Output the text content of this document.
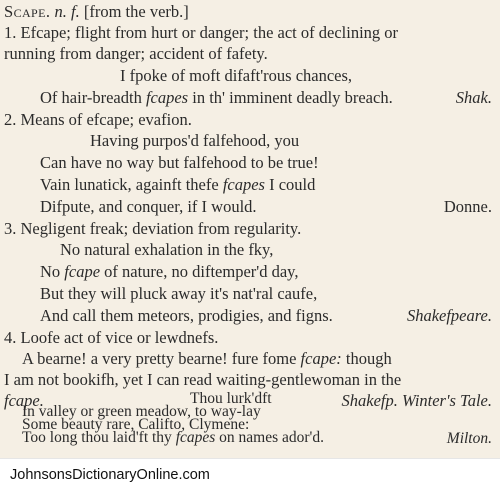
Scape. n. f. [from the verb.]
1. Efcape; flight from hurt or danger; the act of declining or
running from danger; accident of fafety.
I fpoke of moft difaft'rous chances,
Of hair-breadth fcapes in th' imminent deadly breach.	Shak.
2. Means of efcape; evafion.
Having purpos'd falfehood, you
Can have no way but falfehood to be true!
Vain lunatick, againft thefe fcapes I could
Difpute, and conquer, if I would.	Donne.
3. Negligent freak; deviation from regularity.
No natural exhalation in the fky,
No fcape of nature, no diftemper'd day,
But they will pluck away it's nat'ral caufe,
And call them meteors, prodigies, and figns.	Shakefpeare.
4. Loofe act of vice or lewdnefs.
A bearne! a very pretty bearne! fure fome fcape: though
I am not bookifh, yet I can read waiting-gentlewoman in the
fcape.	Shakefp. Winter's Tale.
Thou lurk'dft
In valley or green meadow, to way-lay
Some beauty rare, Califto, Clymene:
Too long thou laid'ft thy fcapes on names ador'd.	Milton.
JohnsonsDictionaryOnline.com
